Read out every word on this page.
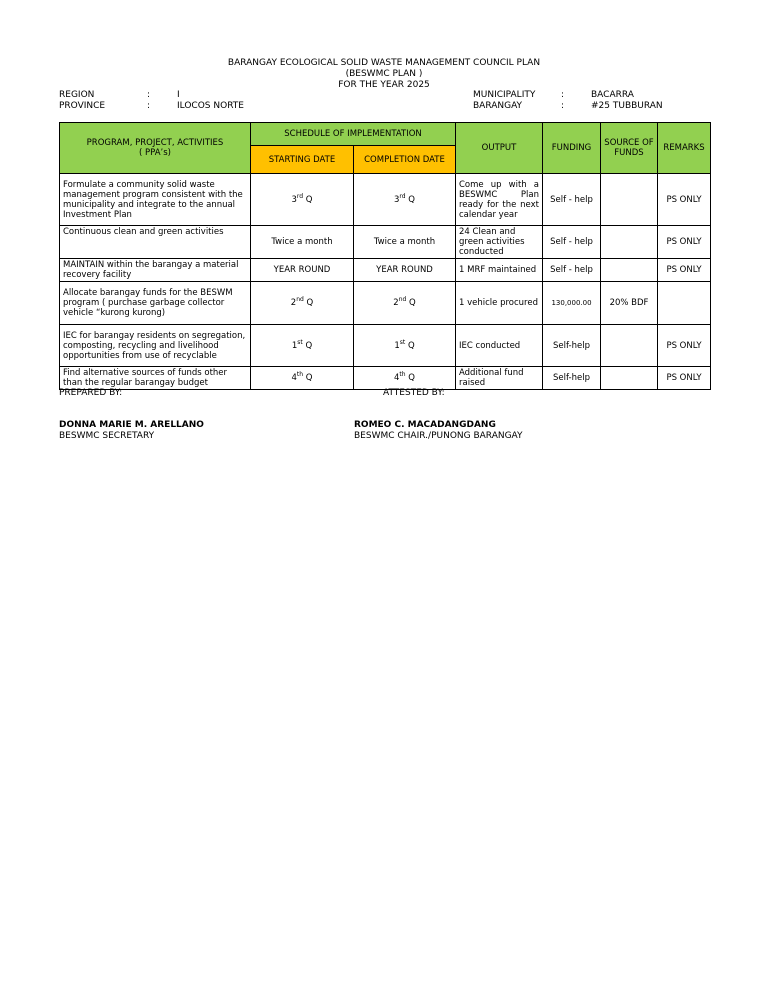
BARANGAY ECOLOGICAL SOLID WASTE MANAGEMENT COUNCIL PLAN
(BESWMC PLAN )
FOR THE YEAR 2025
REGION	:	I
PROVINCE	:	ILOCOS NORTE
MUNICIPALITY	:	BACARRA
BARANGAY	:	#25 TUBBURAN
PROGRAM, PROJECT, ACTIVITIES
( PPA’s)	SCHEDULE OF IMPLEMENTATION		OUTPUT	FUNDING	SOURCE OF FUNDS	REMARKS
	STARTING DATE	COMPLETION DATE				
Formulate a community solid waste management program consistent with the municipality and integrate to the annual Investment Plan	3rd Q	3rd Q	Come up with a BESWMC Plan ready for the next calendar year	Self - help		PS ONLY
Continuous clean and green activities	Twice a month	Twice a month	24 Clean and green activities conducted	Self - help		PS ONLY
MAINTAIN within the barangay a material recovery facility	YEAR ROUND	YEAR ROUND	1 MRF maintained	Self - help		PS ONLY
Allocate barangay funds for the BESWM program ( purchase garbage collector vehicle “kurong kurong)	2nd Q	2nd Q	1 vehicle procured	130,000.00	20% BDF	
IEC for barangay residents on segregation, composting, recycling and livelihood opportunities from use of recyclable	1st Q	1st Q	IEC conducted	Self-help		PS ONLY
Find alternative sources of funds other than the regular barangay budget	4th Q	4th Q	Additional fund raised	Self-help		PS ONLY
PREPARED BY:	ATTESTED BY:
DONNA MARIE M. ARELLANO
BESWMC SECRETARY
ROMEO C. MACADANGDANG
BESWMC CHAIR./PUNONG BARANGAY
